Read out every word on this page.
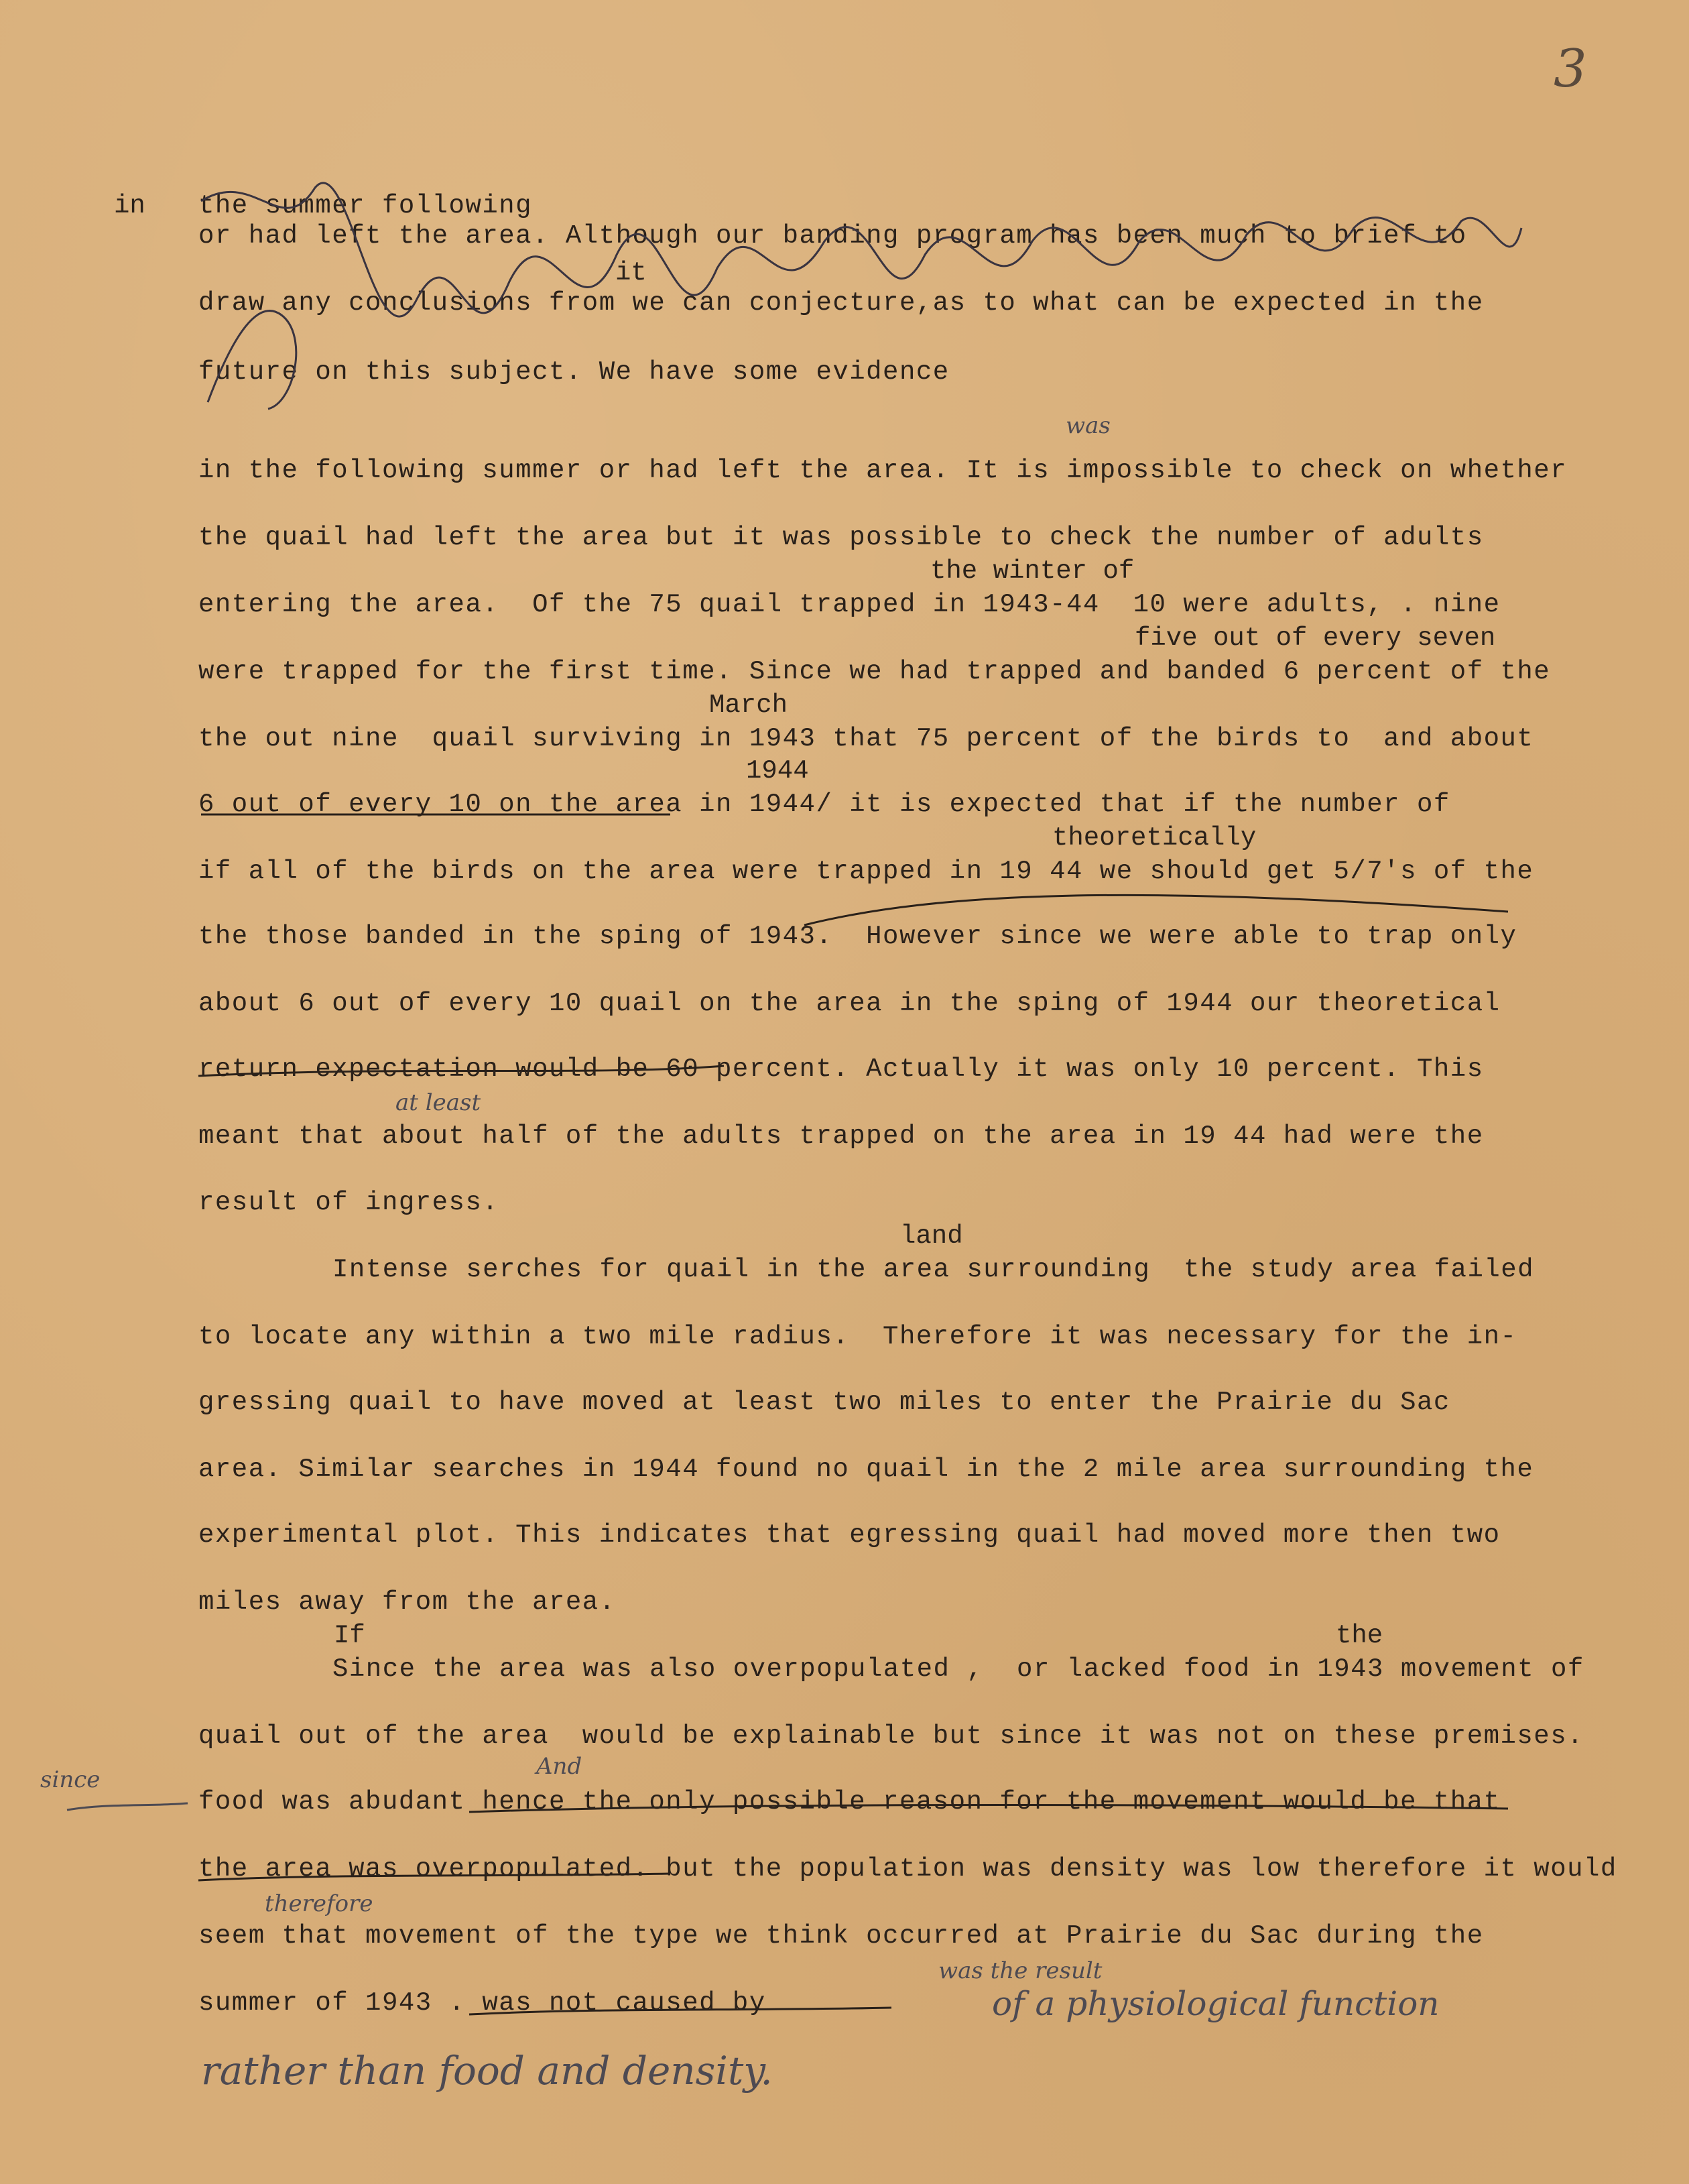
3
in the summer following
or had left the area. Although our banding program has been much to brief to
it
draw any conclusions from we can conjecture,as to what can be expected in the
future on this subject. We have some evidence
in the following summer or had left the area. It is impossible to check on whether
the quail had left the area but it was possible to check the number of adults
the winter of
entering the area.  Of the 75 quail trapped in 1943-44  10 were adults, . nine
five out of every seven
were trapped for the first time. Since we had trapped and banded 6 percent of the
March
the out nine  quail surviving in 1943 that 75 percent of the birds to  and about
1944
6 out of every 10 on the area in 1944/ it is expected that if the number of
theoretically
if all of the birds on the area were trapped in 19 44 we should get 5/7's of the
the those banded in the sping of 1943.  However since we were able to trap only
about 6 out of every 10 quail on the area in the sping of 1944 our theoretical
return expectation would be 60 percent. Actually it was only 10 percent. This
meant that about half of the adults trapped on the area in 19 44 had were the
result of ingress.
land
Intense serches for quail in the area surrounding  the study area failed
to locate any within a two mile radius.  Therefore it was necessary for the in-
gressing quail to have moved at least two miles to enter the Prairie du Sac
area. Similar searches in 1944 found no quail in the 2 mile area surrounding the
experimental plot. This indicates that egressing quail had moved more then two
miles away from the area.
If	the
Since the area was also overpopulated ,  or lacked food in 1943 movement of
quail out of the area  would be explainable but since it was not on these premises.
food was abudant hence the only possible reason for the movement would be that
the area was overpopulated. but the population was density was low therefore it would
seem that movement of the type we think occurred at Prairie du Sac during the
summer of 1943 . was not caused by
was
at least
since	And
therefore
was the result
of a physiological function
rather than food and density.
